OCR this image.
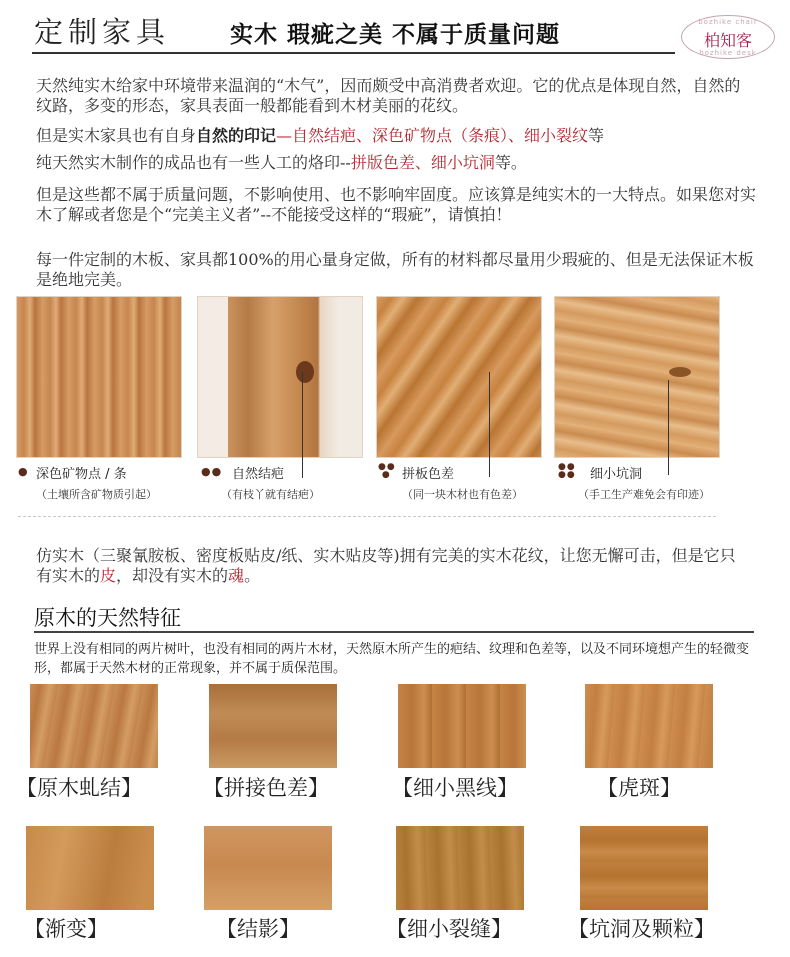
定制家具	实木 瑕疵之美 不属于质量问题	bozhike chair
柏知客
bozhike desk
天然纯实木给家中环境带来温润的“木气”，因而颇受中高消费者欢迎。它的优点是体现自然，自然的纹路，多变的形态，家具表面一般都能看到木材美丽的花纹。
但是实木家具也有自身自然的印记—自然结疤、深色矿物点（条痕）、细小裂纹等
纯天然实木制作的成品也有一些人工的烙印--拼版色差、细小坑洞等。
但是这些都不属于质量问题，不影响使用、也不影响牢固度。应该算是纯实木的一大特点。如果您对实木了解或者您是个“完美主义者”--不能接受这样的“瑕疵”，请慎拍！
每一件定制的木板、家具都100%的用心量身定做，所有的材料都尽量用少瑕疵的、但是无法保证木板是绝地完美。
● 深色矿物点 / 条
（土壤所含矿物质引起）
●● 自然结疤
（有枝丫就有结疤）
●●
● 拼板色差
（同一块木材也有色差）
●●
●●	细小坑洞
（手工生产难免会有印迹）
仿实木（三聚氰胺板、密度板贴皮/纸、实木贴皮等)拥有完美的实木花纹，让您无懈可击，但是它只有实木的皮，却没有实木的魂。
原木的天然特征
世界上没有相同的两片树叶，也没有相同的两片木材，天然原木所产生的疤结、纹理和色差等，以及不同环境想产生的轻微变形，都属于天然木材的正常现象，并不属于质保范围。
【原木虬结】	【拼接色差】	【细小黑线】	【虎斑】
【渐变】	【结影】	【细小裂缝】	【坑洞及颗粒】
